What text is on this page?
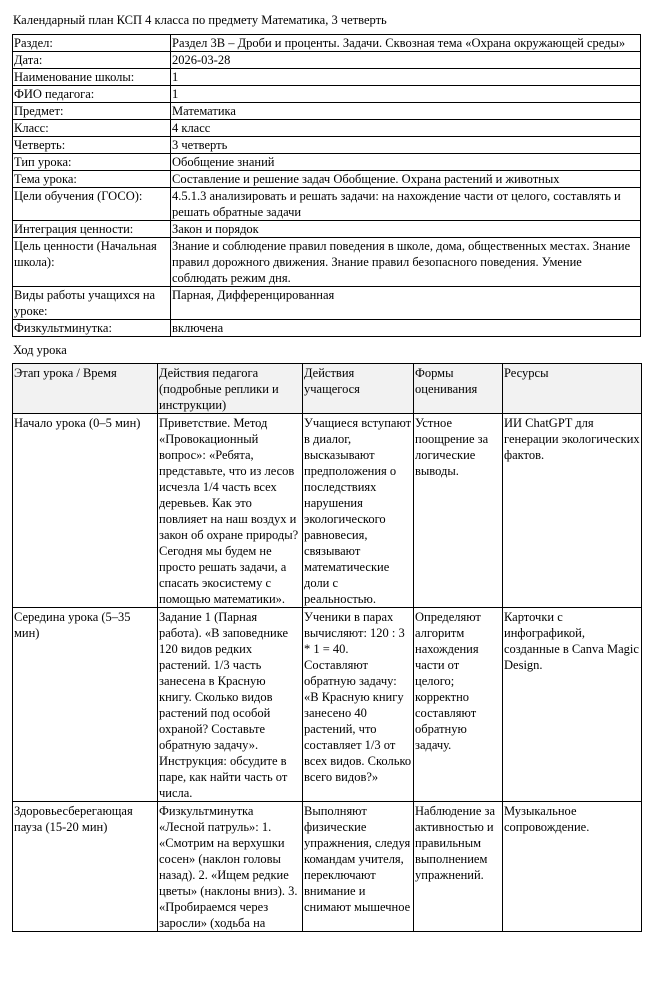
Календарный план КСП 4 класса по предмету Математика, 3 четверть
Раздел:	Раздел 3В – Дроби и проценты. Задачи. Сквозная тема «Охрана окружающей среды»
Дата:	2026-03-28
Наименование школы:	1
ФИО педагога:	1
Предмет:	Математика
Класс:	4 класс
Четверть:	3 четверть
Тип урока:	Обобщение знаний
Тема урока:	Составление и решение задач Обобщение. Охрана растений и животных
Цели обучения (ГОСО):	4.5.1.3 анализировать и решать задачи: на нахождение части от целого, составлять и решать обратные задачи
Интеграция ценности:	Закон и порядок
Цель ценности (Начальная школа):	Знание и соблюдение правил поведения в школе, дома, общественных местах. Знание правил дорожного движения. Знание правил безопасного поведения. Умение соблюдать режим дня.
Виды работы учащихся на уроке:	Парная, Дифференцированная
Физкультминутка:	включена
Ход урока
Этап урока / Время	Действия педагога (подробные реплики и инструкции)	Действия учащегося	Формы оценивания	Ресурсы
Начало урока (0–5 мин)	Приветствие. Метод «Провокационный вопрос»: «Ребята, представьте, что из лесов исчезла 1/4 часть всех деревьев. Как это повлияет на наш воздух и закон об охране природы? Сегодня мы будем не просто решать задачи, а спасать экосистему с помощью математики».	Учащиеся вступают в диалог, высказывают предположения о последствиях нарушения экологического равновесия, связывают математические доли с реальностью.	Устное поощрение за логические выводы.	ИИ ChatGPT для генерации экологических фактов.
Середина урока (5–35 мин)	Задание 1 (Парная работа). «В заповеднике 120 видов редких растений. 1/3 часть занесена в Красную книгу. Сколько видов растений под особой охраной? Составьте обратную задачу». Инструкция: обсудите в паре, как найти часть от числа.	Ученики в парах вычисляют: 120 : 3 * 1 = 40. Составляют обратную задачу: «В Красную книгу занесено 40 растений, что составляет 1/3 от всех видов. Сколько всего видов?»	Определяют алгоритм нахождения части от целого; корректно составляют обратную задачу.	Карточки с инфографикой, созданные в Canva Magic Design.
Здоровьесберегающая пауза (15-20 мин)	Физкультминутка «Лесной патруль»: 1. «Смотрим на верхушки сосен» (наклон головы назад). 2. «Ищем редкие цветы» (наклоны вниз). 3. «Пробираемся через заросли» (ходьба на	Выполняют физические упражнения, следуя командам учителя, переключают внимание и снимают мышечное	Наблюдение за активностью и правильным выполнением упражнений.	Музыкальное сопровождение.
